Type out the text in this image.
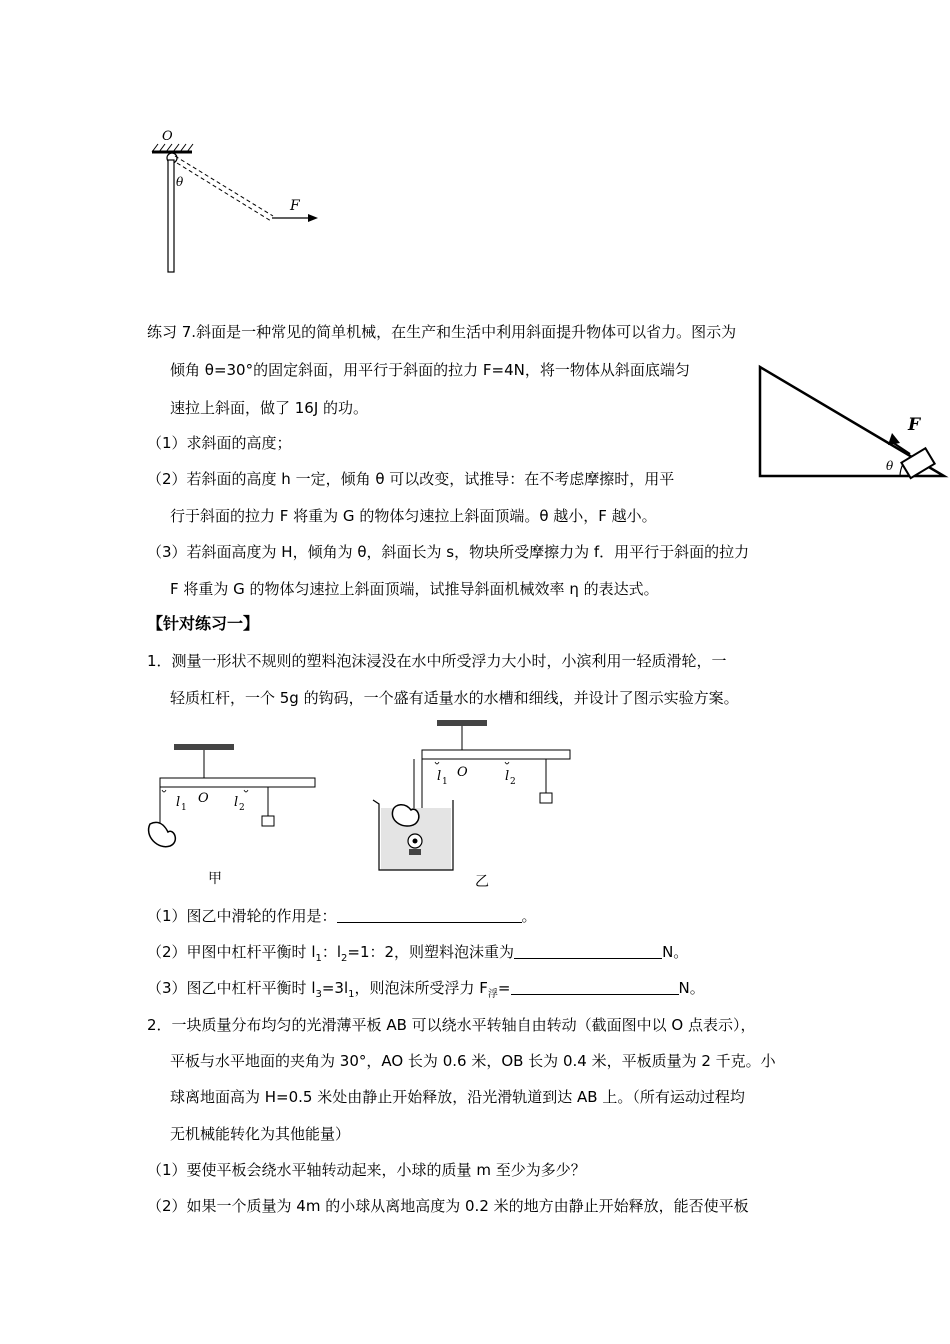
O
θ
F
练习 7.斜面是一种常见的简单机械，在生产和生活中利用斜面提升物体可以省力。图示为
倾角 θ=30°的固定斜面，用平行于斜面的拉力 F=4N，将一物体从斜面底端匀
速拉上斜面，做了 16J 的功。
（1）求斜面的高度；
（2）若斜面的高度 h 一定，倾角 θ 可以改变，试推导：在不考虑摩擦时，用平
行于斜面的拉力 F 将重为 G 的物体匀速拉上斜面顶端。θ 越小，F 越小。
（3）若斜面高度为 H，倾角为 θ，斜面长为 s，物块所受摩擦力为 f．用平行于斜面的拉力
F 将重为 G 的物体匀速拉上斜面顶端，试推导斜面机械效率 η 的表达式。
F
θ
【针对练习一】
1．测量一形状不规则的塑料泡沫浸没在水中所受浮力大小时，小滨利用一轻质滑轮，一
轻质杠杆，一个 5g 的钩码，一个盛有适量水的水槽和细线，并设计了图示实验方案。
O
l 1	l 2
甲
O
l 1	l 2
乙
（1）图乙中滑轮的作用是：	。
（2）甲图中杠杆平衡时 $l_1$：$l_2=1$：2，则塑料泡沫重为	N。
（3）图乙中杠杆平衡时 $l_3=3l_1$，则泡沫所受浮力 $F_浮=$	N。
2．一块质量分布均匀的光滑薄平板 AB 可以绕水平转轴自由转动（截面图中以 O 点表示），
平板与水平地面的夹角为 30°，AO 长为 0.6 米，OB 长为 0.4 米，平板质量为 2 千克。小
球离地面高为 H=0.5 米处由静止开始释放，沿光滑轨道到达 AB 上。（所有运动过程均
无机械能转化为其他能量）
（1）要使平板会绕水平轴转动起来，小球的质量 m 至少为多少？
（2）如果一个质量为 4m 的小球从离地高度为 0.2 米的地方由静止开始释放，能否使平板
